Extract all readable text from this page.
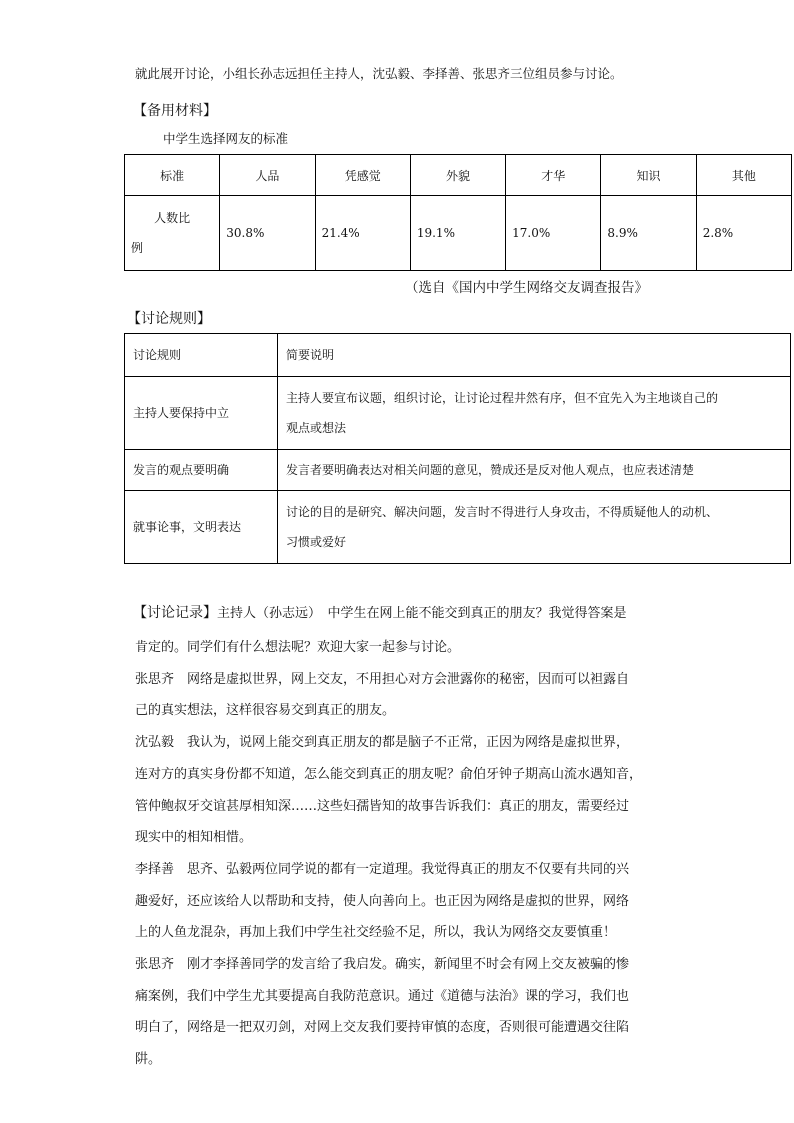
就此展开讨论，小组长孙志远担任主持人，沈弘毅、李择善、张思齐三位组员参与讨论。
【备用材料】
中学生选择网友的标准
标准	人品	凭感觉	外貌	才华	知识	其他

人数比
例	30.8%	21.4%	19.1%	17.0%	8.9%	2.8%
（选自《国内中学生网络交友调查报告》
【讨论规则】
讨论规则	简要说明
主持人要保持中立	主持人要宣布议题，组织讨论，让讨论过程井然有序，但不宜先入为主地谈自己的
观点或想法

发言的观点要明确	发言者要明确表达对相关问题的意见，赞成还是反对他人观点，也应表述清楚

就事论事，文明表达	讨论的目的是研究、解决问题，发言时不得进行人身攻击，不得质疑他人的动机、
习惯或爱好
【讨论记录】主持人（孙志远）　中学生在网上能不能交到真正的朋友？我觉得答案是
肯定的。同学们有什么想法呢？欢迎大家一起参与讨论。
张思齐　网络是虚拟世界，网上交友，不用担心对方会泄露你的秘密，因而可以袒露自
己的真实想法，这样很容易交到真正的朋友。
沈弘毅　我认为，说网上能交到真正朋友的都是脑子不正常，正因为网络是虚拟世界，
连对方的真实身份都不知道，怎么能交到真正的朋友呢？俞伯牙钟子期高山流水遇知音，
管仲鲍叔牙交谊甚厚相知深……这些妇孺皆知的故事告诉我们：真正的朋友，需要经过
现实中的相知相惜。
李择善　思齐、弘毅两位同学说的都有一定道理。我觉得真正的朋友不仅要有共同的兴
趣爱好，还应该给人以帮助和支持，使人向善向上。也正因为网络是虚拟的世界，网络
上的人鱼龙混杂，再加上我们中学生社交经验不足，所以，我认为网络交友要慎重！
张思齐　刚才李择善同学的发言给了我启发。确实，新闻里不时会有网上交友被骗的惨
痛案例，我们中学生尤其要提高自我防范意识。通过《道德与法治》课的学习，我们也
明白了，网络是一把双刃剑，对网上交友我们要持审慎的态度，否则很可能遭遇交往陷
阱。
